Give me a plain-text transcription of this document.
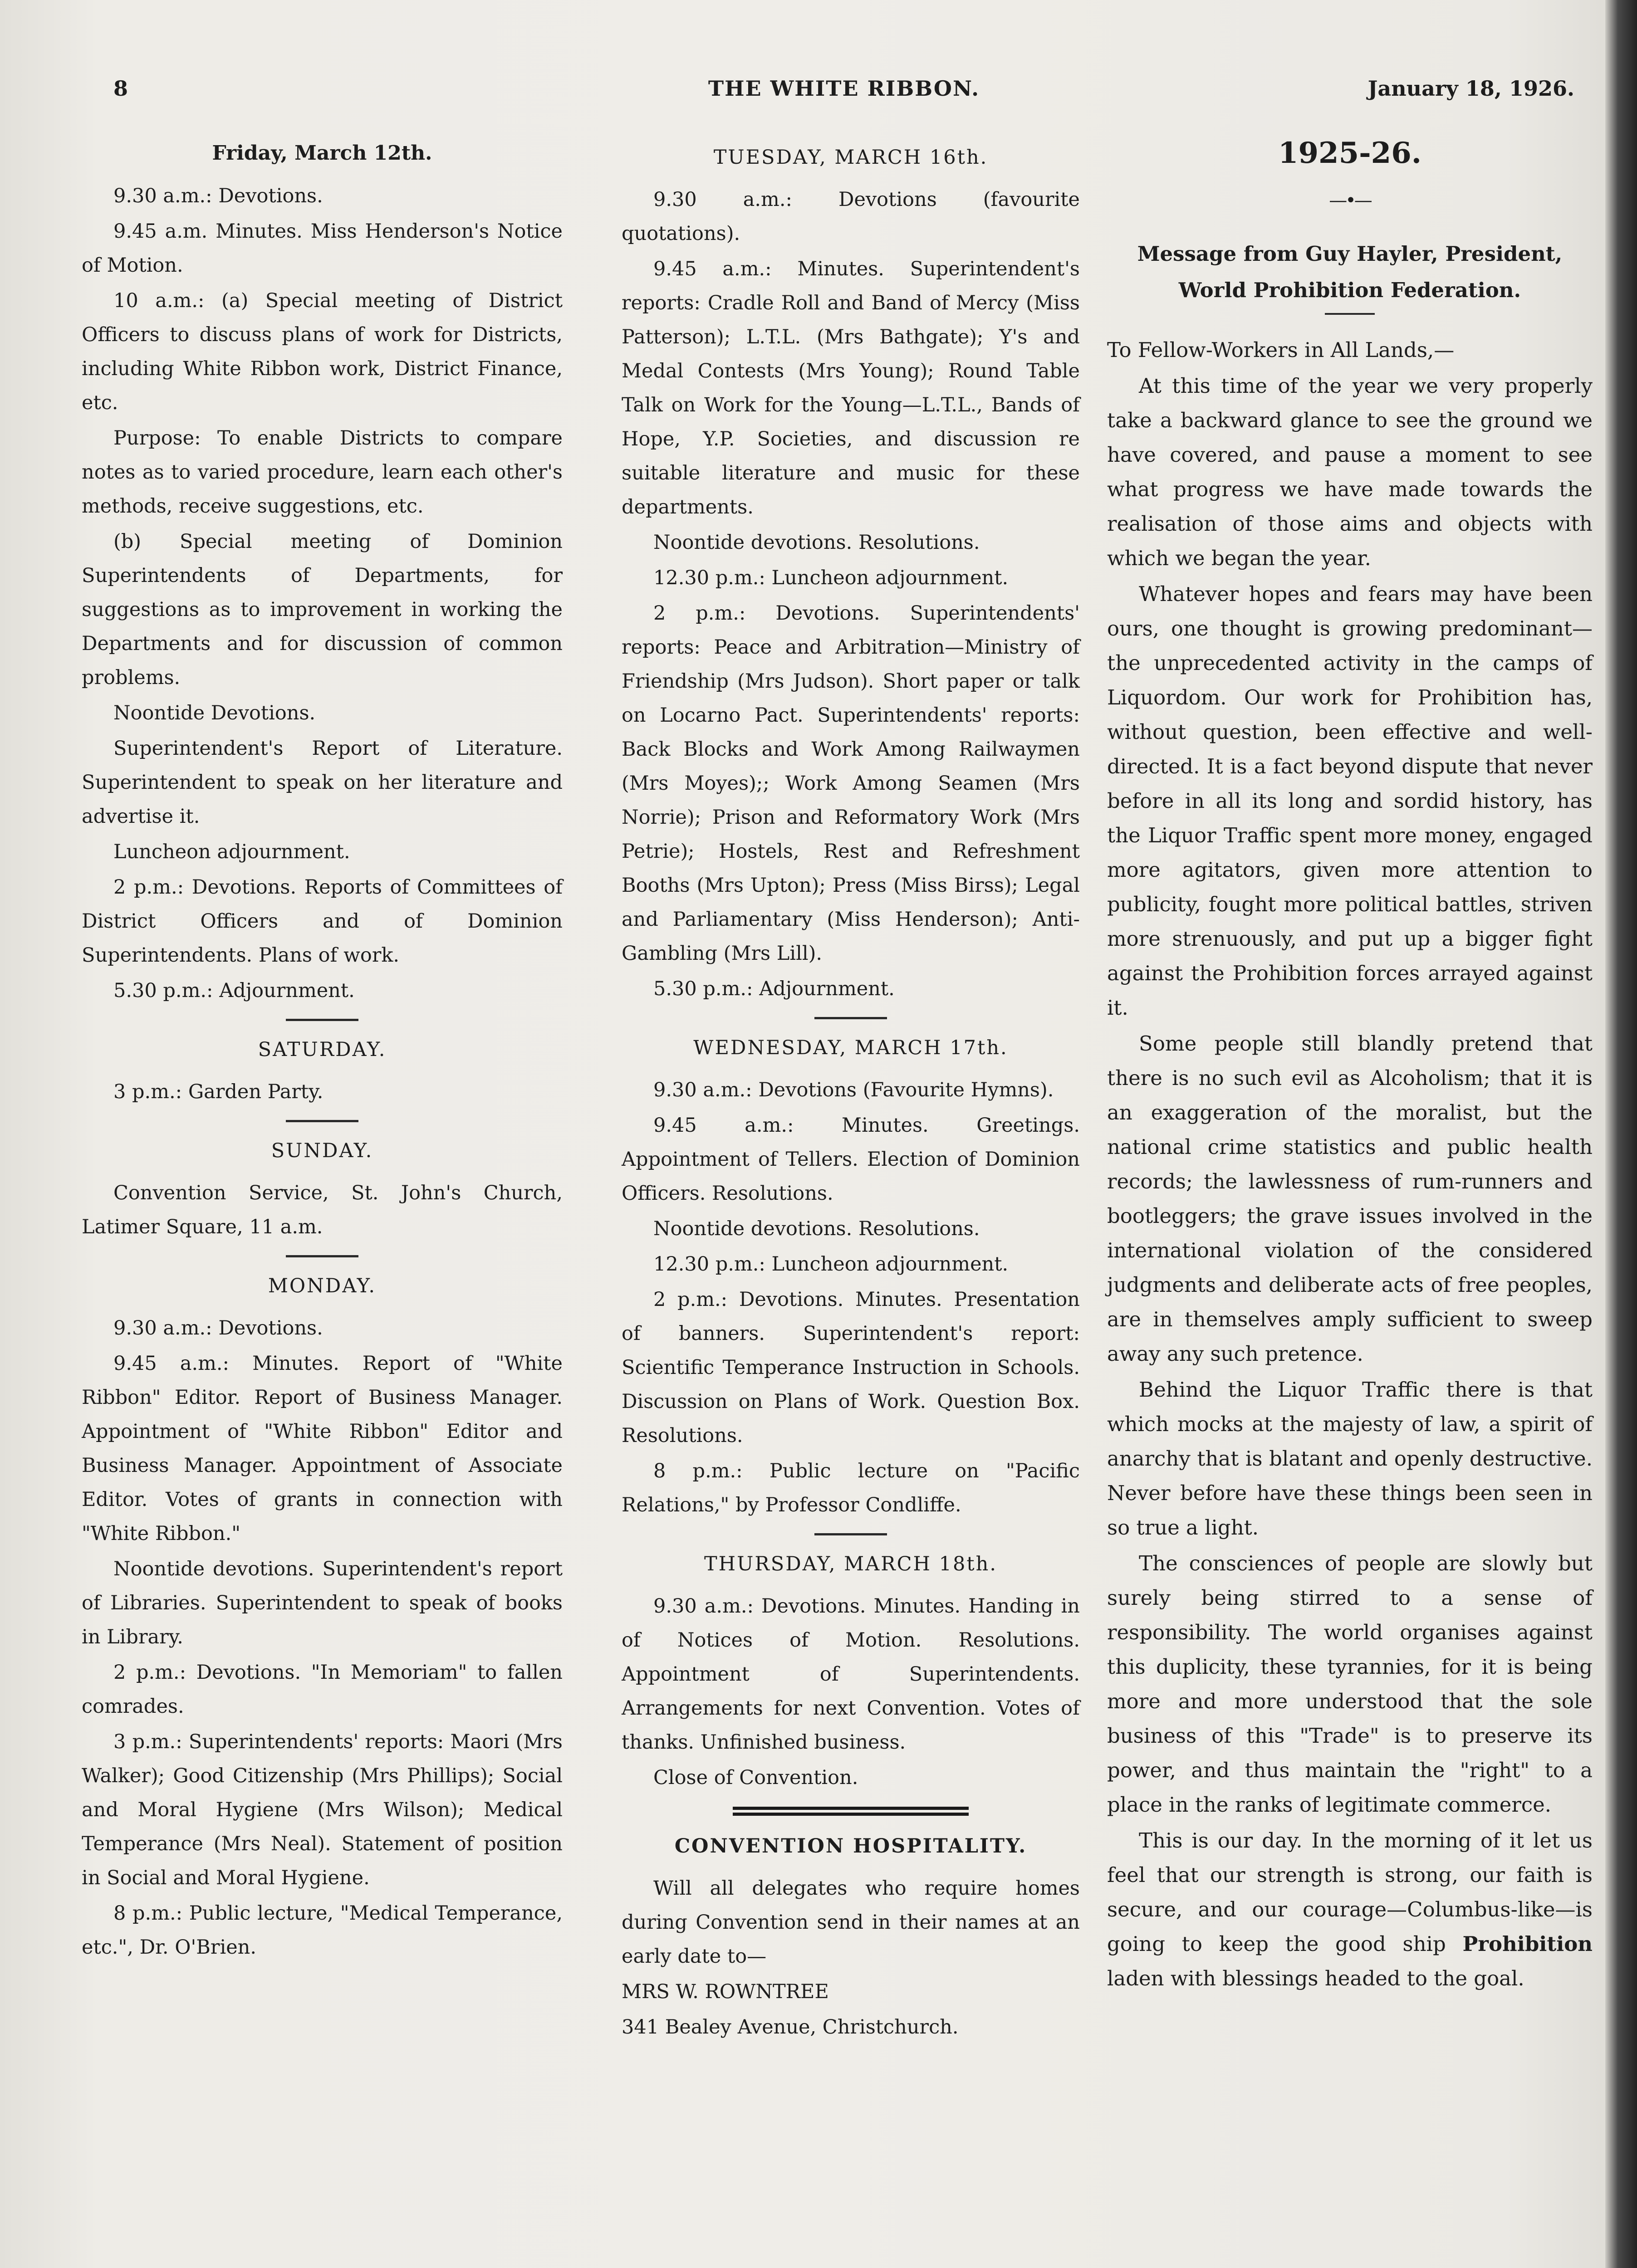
8	THE WHITE RIBBON.	January 18, 1926.
Friday, March 12th.

9.30 a.m.: Devotions.

9.45 a.m. Minutes. Miss Henderson's Notice of Motion.

10 a.m.: (a) Special meeting of District Officers to discuss plans of work for Districts, including White Ribbon work, District Finance, etc.

Purpose: To enable Districts to compare notes as to varied procedure, learn each other's methods, receive suggestions, etc.

(b) Special meeting of Dominion Superintendents of Departments, for suggestions as to improvement in working the Departments and for discussion of common problems.

Noontide Devotions.

Superintendent's Report of Literature. Superintendent to speak on her literature and advertise it.

Luncheon adjournment.

2 p.m.: Devotions. Reports of Committees of District Officers and of Dominion Superintendents. Plans of work.

5.30 p.m.: Adjournment.

SATURDAY.

3 p.m.: Garden Party.

SUNDAY.

Convention Service, St. John's Church, Latimer Square, 11 a.m.

MONDAY.

9.30 a.m.: Devotions.

9.45 a.m.: Minutes. Report of "White Ribbon" Editor. Report of Business Manager. Appointment of "White Ribbon" Editor and Business Manager. Appointment of Associate Editor. Votes of grants in connection with "White Ribbon."

Noontide devotions. Superintendent's report of Libraries. Superintendent to speak of books in Library.

2 p.m.: Devotions. "In Memoriam" to fallen comrades.

3 p.m.: Superintendents' reports: Maori (Mrs Walker); Good Citizenship (Mrs Phillips); Social and Moral Hygiene (Mrs Wilson); Medical Temperance (Mrs Neal). Statement of position in Social and Moral Hygiene.

8 p.m.: Public lecture, "Medical Temperance, etc.", Dr. O'Brien.

TUESDAY, MARCH 16th.

9.30 a.m.: Devotions (favourite quotations).

9.45 a.m.: Minutes. Superintendent's reports: Cradle Roll and Band of Mercy (Miss Patterson); L.T.L. (Mrs Bathgate); Y's and Medal Contests (Mrs Young); Round Table Talk on Work for the Young—L.T.L., Bands of Hope, Y.P. Societies, and discussion re suitable literature and music for these departments.

Noontide devotions. Resolutions.

12.30 p.m.: Luncheon adjournment.

2 p.m.: Devotions. Superintendents' reports: Peace and Arbitration—Ministry of Friendship (Mrs Judson). Short paper or talk on Locarno Pact. Superintendents' reports: Back Blocks and Work Among Railwaymen (Mrs Moyes);; Work Among Seamen (Mrs Norrie); Prison and Reformatory Work (Mrs Petrie); Hostels, Rest and Refreshment Booths (Mrs Upton); Press (Miss Birss); Legal and Parliamentary (Miss Henderson); Anti-Gambling (Mrs Lill).

5.30 p.m.: Adjournment.

WEDNESDAY, MARCH 17th.

9.30 a.m.: Devotions (Favourite Hymns).

9.45 a.m.: Minutes. Greetings. Appointment of Tellers. Election of Dominion Officers. Resolutions.

Noontide devotions. Resolutions.

12.30 p.m.: Luncheon adjournment.

2 p.m.: Devotions. Minutes. Presentation of banners. Superintendent's report: Scientific Temperance Instruction in Schools. Discussion on Plans of Work. Question Box. Resolutions.

8 p.m.: Public lecture on "Pacific Relations," by Professor Condliffe.

THURSDAY, MARCH 18th.

9.30 a.m.: Devotions. Minutes. Handing in of Notices of Motion. Resolutions. Appointment of Superintendents. Arrangements for next Convention. Votes of thanks. Unfinished business.

Close of Convention.

CONVENTION HOSPITALITY.

Will all delegates who require homes during Convention send in their names at an early date to—

MRS W. ROWNTREE

341 Bealey Avenue, Christchurch.

1925-26.
—•—
Message from Guy Hayler, President, World Prohibition Federation.

To Fellow-Workers in All Lands,—

At this time of the year we very properly take a backward glance to see the ground we have covered, and pause a moment to see what progress we have made towards the realisation of those aims and objects with which we began the year.

Whatever hopes and fears may have been ours, one thought is growing predominant—the unprecedented activity in the camps of Liquordom. Our work for Prohibition has, without question, been effective and well-directed. It is a fact beyond dispute that never before in all its long and sordid history, has the Liquor Traffic spent more money, engaged more agitators, given more attention to publicity, fought more political battles, striven more strenuously, and put up a bigger fight against the Prohibition forces arrayed against it.

Some people still blandly pretend that there is no such evil as Alcoholism; that it is an exaggeration of the moralist, but the national crime statistics and public health records; the lawlessness of rum-runners and bootleggers; the grave issues involved in the international violation of the considered judgments and deliberate acts of free peoples, are in themselves amply sufficient to sweep away any such pretence.

Behind the Liquor Traffic there is that which mocks at the majesty of law, a spirit of anarchy that is blatant and openly destructive. Never before have these things been seen in so true a light.

The consciences of people are slowly but surely being stirred to a sense of responsibility. The world organises against this duplicity, these tyrannies, for it is being more and more understood that the sole business of this "Trade" is to preserve its power, and thus maintain the "right" to a place in the ranks of legitimate commerce.

This is our day. In the morning of it let us feel that our strength is strong, our faith is secure, and our courage—Columbus-like—is going to keep the good ship Prohibition laden with blessings headed to the goal.
